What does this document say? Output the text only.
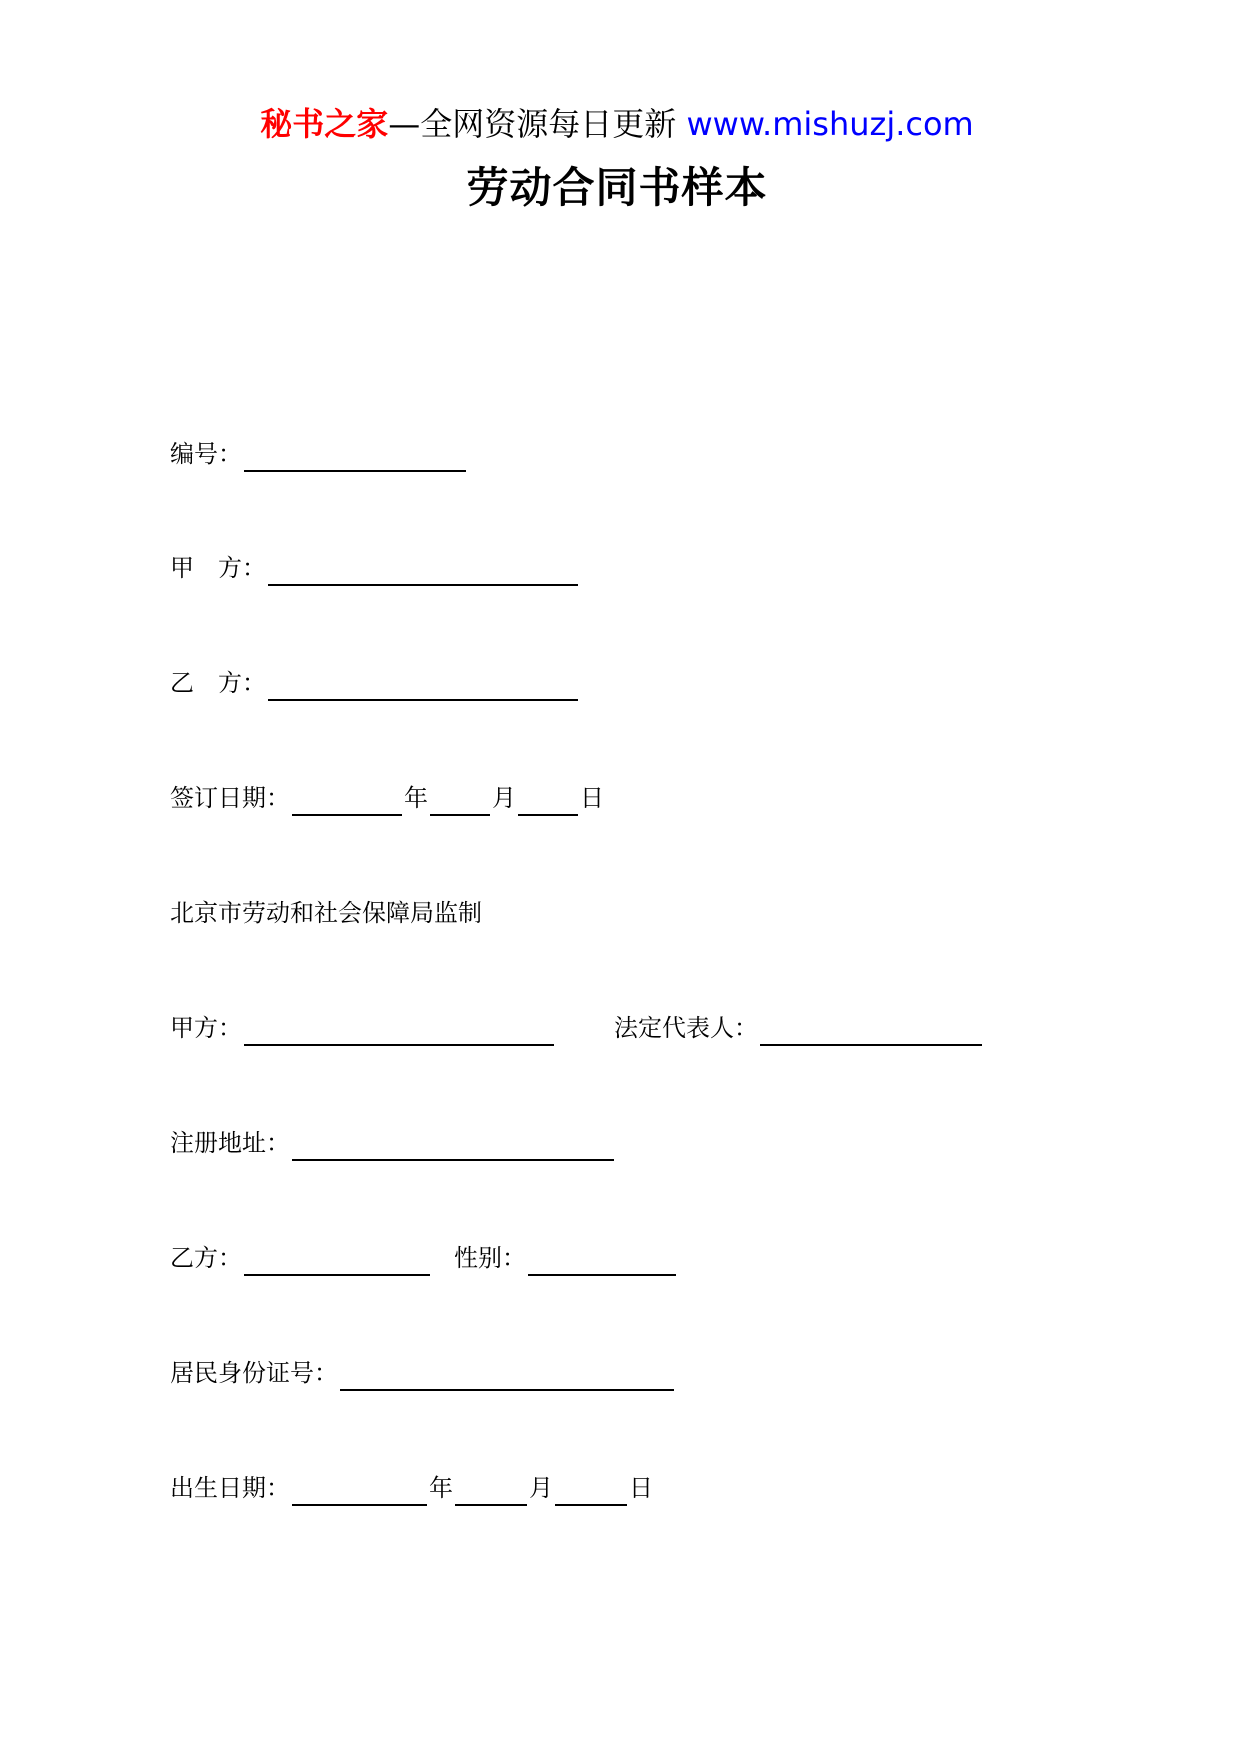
秘书之家—全网资源每日更新 www.mishuzj.com
劳动合同书样本
编号：
甲　方：
乙　方：
签订日期：	年	月	日
北京市劳动和社会保障局监制
甲方：	法定代表人：
注册地址：
乙方：	性别：
居民身份证号：
出生日期：	年	月	日
